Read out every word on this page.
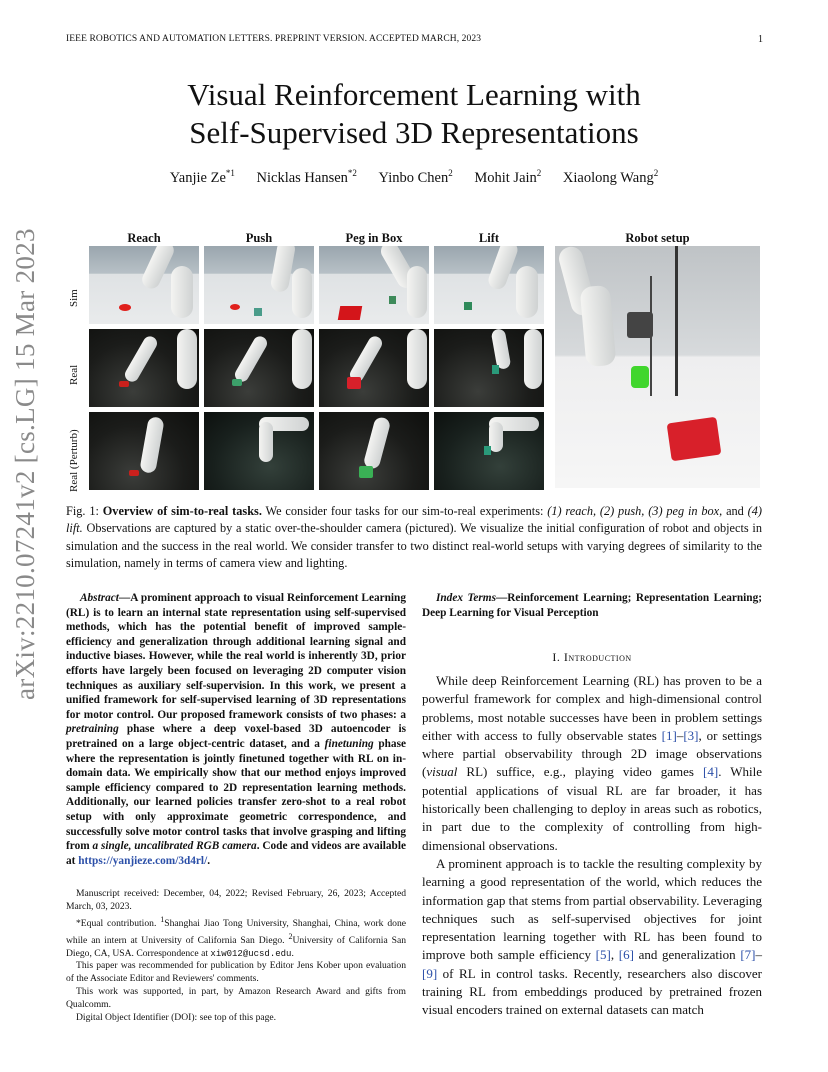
IEEE ROBOTICS AND AUTOMATION LETTERS. PREPRINT VERSION. ACCEPTED MARCH, 2023	1
arXiv:2210.07241v2 [cs.LG] 15 Mar 2023
Visual Reinforcement Learning with
Self-Supervised 3D Representations
Yanjie Ze$^{*1}$ Nicklas Hansen$^{*2}$ Yinbo Chen$^2$ Mohit Jain$^2$ Xiaolong Wang$^2$
Reach	Push	Peg in Box	Lift	Robot setup
Sim
Real
Real (Perturb)
Fig. 1: Overview of sim-to-real tasks. We consider four tasks for our sim-to-real experiments: (1) reach, (2) push, (3) peg in box, and (4) lift. Observations are captured by a static over-the-shoulder camera (pictured). We visualize the initial configuration of robot and objects in simulation and the success in the real world. We consider transfer to two distinct real-world setups with varying degrees of similarity to the simulation, namely in terms of camera view and lighting.
Abstract—A prominent approach to visual Reinforcement Learning (RL) is to learn an internal state representation using self-supervised methods, which has the potential benefit of improved sample-efficiency and generalization through additional learning signal and inductive biases. However, while the real world is inherently 3D, prior efforts have largely been focused on leveraging 2D computer vision techniques as auxiliary self-supervision. In this work, we present a unified framework for self-supervised learning of 3D representations for motor control. Our proposed framework consists of two phases: a pretraining phase where a deep voxel-based 3D autoencoder is pretrained on a large object-centric dataset, and a finetuning phase where the representation is jointly finetuned together with RL on in-domain data. We empirically show that our method enjoys improved sample efficiency compared to 2D representation learning methods. Additionally, our learned policies transfer zero-shot to a real robot setup with only approximate geometric correspondence, and successfully solve motor control tasks that involve grasping and lifting from a single, uncalibrated RGB camera. Code and videos are available at https://yanjieze.com/3d4rl/.

Manuscript received: December, 04, 2022; Revised February, 26, 2023; Accepted March, 03, 2023.

*Equal contribution. $^1$Shanghai Jiao Tong University, Shanghai, China, work done while an intern at University of California San Diego. $^2$University of California San Diego, CA, USA. Correspondence at xiw012@ucsd.edu.

This paper was recommended for publication by Editor Jens Kober upon evaluation of the Associate Editor and Reviewers' comments.

This work was supported, in part, by Amazon Research Award and gifts from Qualcomm.

Digital Object Identifier (DOI): see top of this page.

Index Terms—Reinforcement Learning; Representation Learning; Deep Learning for Visual Perception
I. Introduction

While deep Reinforcement Learning (RL) has proven to be a powerful framework for complex and high-dimensional control problems, most notable successes have been in problem settings either with access to fully observable states [1]–[3], or settings where partial observability through 2D image observations (visual RL) suffice, e.g., playing video games [4]. While potential applications of visual RL are far broader, it has historically been challenging to deploy in areas such as robotics, in part due to the complexity of controlling from high-dimensional observations.

A prominent approach is to tackle the resulting complexity by learning a good representation of the world, which reduces the information gap that stems from partial observability. Leveraging techniques such as self-supervised objectives for joint representation learning together with RL has been found to improve both sample efficiency [5], [6] and generalization [7]–[9] of RL in control tasks. Recently, researchers also discover training RL from embeddings produced by pretrained frozen visual encoders trained on external datasets can match
